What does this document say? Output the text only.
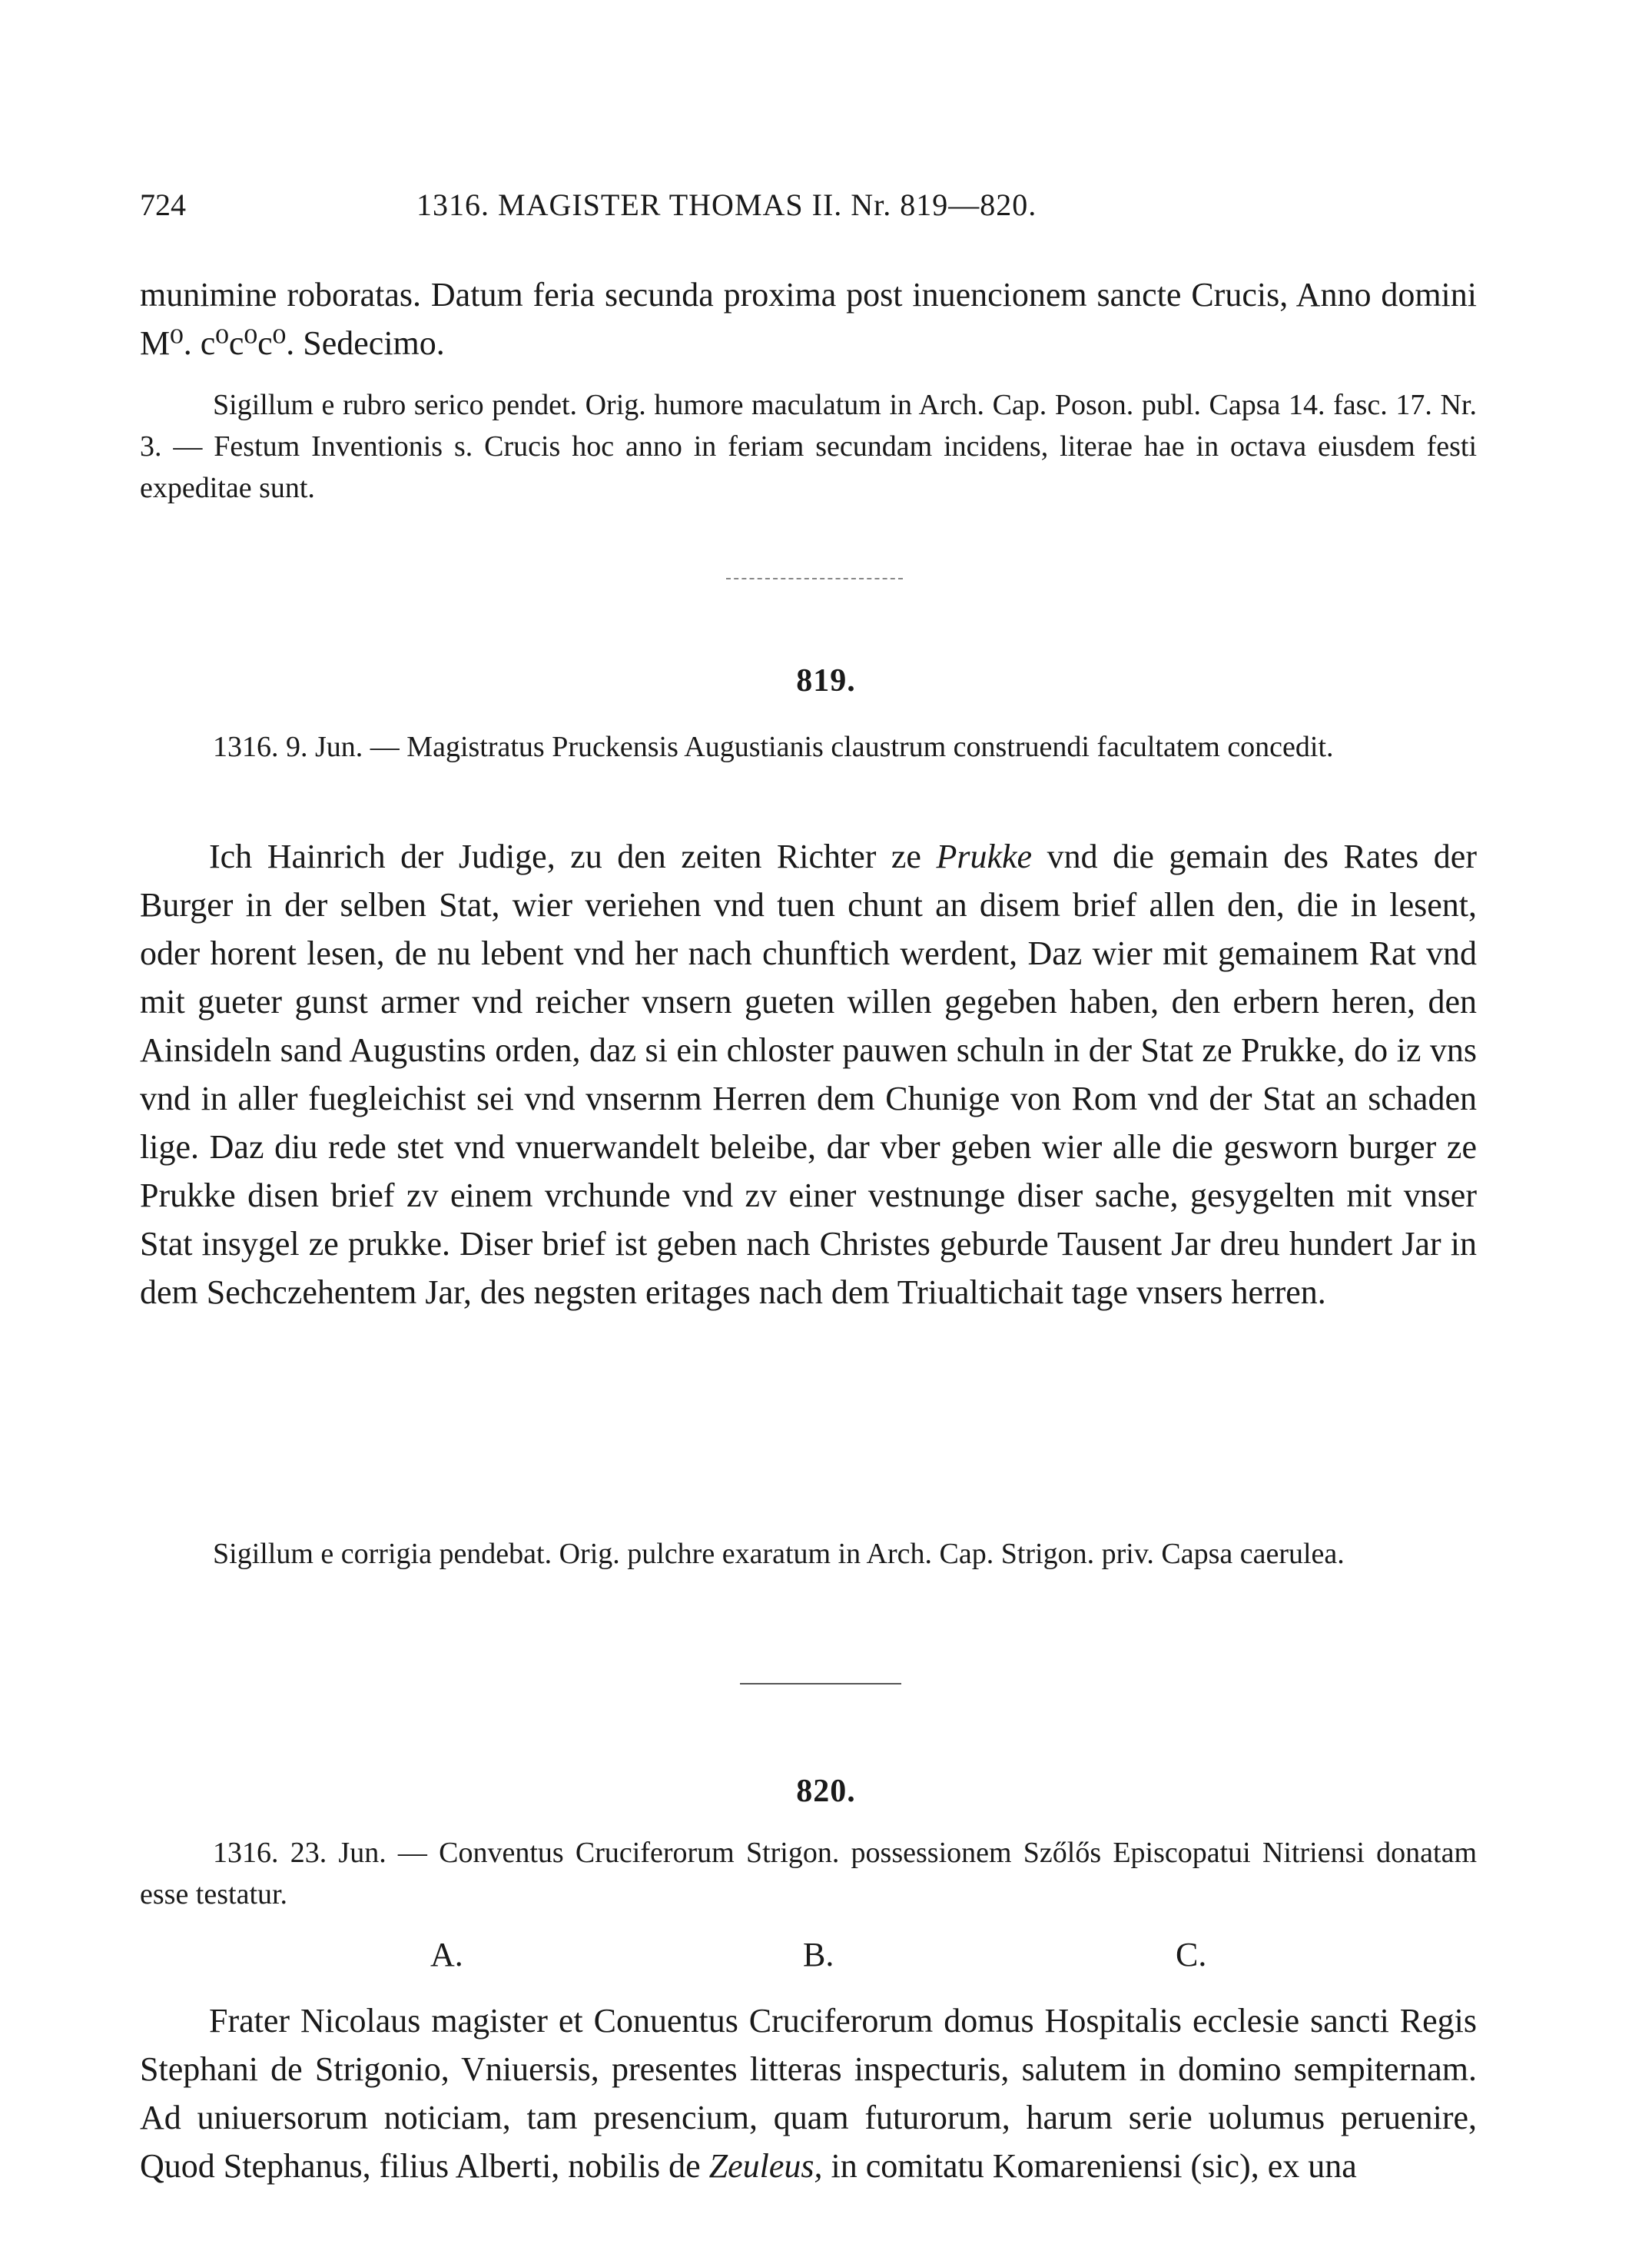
724	1316. MAGISTER THOMAS II. Nr. 819—820.
munimine roboratas. Datum feria secunda proxima post inuencionem sancte Crucis, Anno domini M⁰. c⁰c⁰c⁰. Sedecimo.
Sigillum e rubro serico pendet. Orig. humore maculatum in Arch. Cap. Poson. publ. Capsa 14. fasc. 17. Nr. 3. — Festum Inventionis s. Crucis hoc anno in feriam secundam incidens, literae hae in octava eiusdem festi expeditae sunt.
819.
1316. 9. Jun. — Magistratus Pruckensis Augustianis claustrum construendi facultatem concedit.
Ich Hainrich der Judige, zu den zeiten Richter ze Prukke vnd die gemain des Rates der Burger in der selben Stat, wier veriehen vnd tuen chunt an disem brief allen den, die in lesent, oder horent lesen, de nu lebent vnd her nach chunftich werdent, Daz wier mit gemainem Rat vnd mit gueter gunst armer vnd reicher vnsern gueten willen gegeben haben, den erbern heren, den Ainsideln sand Augustins orden, daz si ein chloster pauwen schuln in der Stat ze Prukke, do iz vns vnd in aller fuegleichist sei vnd vnsernm Herren dem Chunige von Rom vnd der Stat an schaden lige. Daz diu rede stet vnd vnuerwandelt beleibe, dar vber geben wier alle die gesworn burger ze Prukke disen brief zv einem vrchunde vnd zv einer vestnunge diser sache, gesygelten mit vnser Stat insygel ze prukke. Diser brief ist geben nach Christes geburde Tausent Jar dreu hundert Jar in dem Sechczehentem Jar, des negsten eritages nach dem Triualtichait tage vnsers herren.
Sigillum e corrigia pendebat. Orig. pulchre exaratum in Arch. Cap. Strigon. priv. Capsa caerulea.
820.
1316. 23. Jun. — Conventus Cruciferorum Strigon. possessionem Szőlős Episcopatui Nitriensi donatam esse testatur.
A.	B.	C.
Frater Nicolaus magister et Conuentus Cruciferorum domus Hospitalis ecclesie sancti Regis Stephani de Strigonio, Vniuersis, presentes litteras inspecturis, salutem in domino sempiternam. Ad uniuersorum noticiam, tam presencium, quam futurorum, harum serie uolumus peruenire, Quod Stephanus, filius Alberti, nobilis de Zeuleus, in comitatu Komareniensi (sic), ex una
